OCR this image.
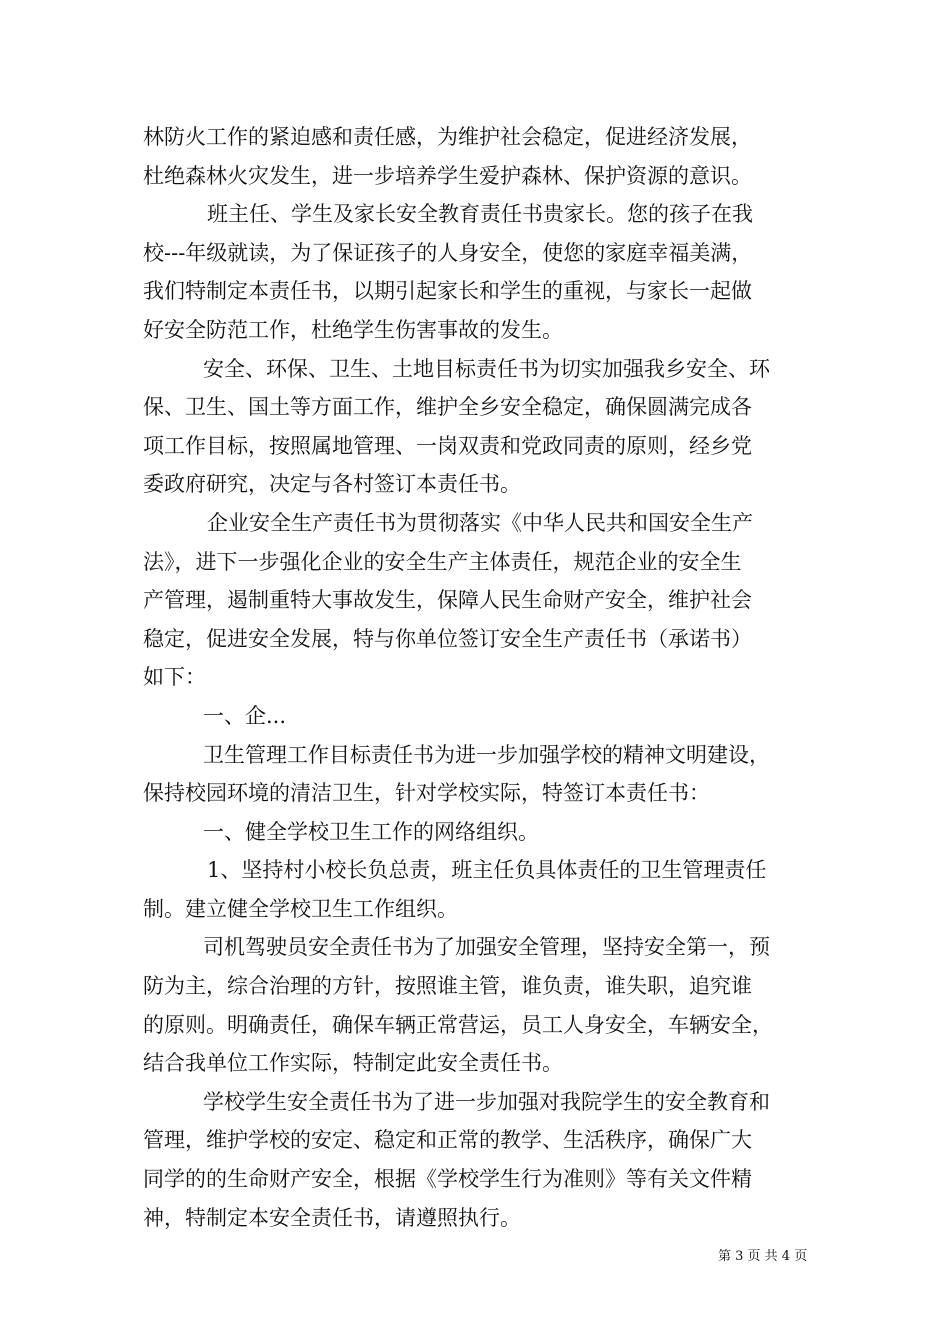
林防火工作的紧迫感和责任感，为维护社会稳定，促进经济发展，
杜绝森林火灾发生，进一步培养学生爱护森林、保护资源的意识。
班主任、学生及家长安全教育责任书贵家长。您的孩子在我
校---年级就读，为了保证孩子的人身安全，使您的家庭幸福美满，
我们特制定本责任书，以期引起家长和学生的重视，与家长一起做
好安全防范工作，杜绝学生伤害事故的发生。
安全、环保、卫生、土地目标责任书为切实加强我乡安全、环
保、卫生、国土等方面工作，维护全乡安全稳定，确保圆满完成各
项工作目标，按照属地管理、一岗双责和党政同责的原则，经乡党
委政府研究，决定与各村签订本责任书。
企业安全生产责任书为贯彻落实《中华人民共和国安全生产
法》，进下一步强化企业的安全生产主体责任，规范企业的安全生
产管理，遏制重特大事故发生，保障人民生命财产安全，维护社会
稳定，促进安全发展，特与你单位签订安全生产责任书（承诺书）
如下：
一、企...
卫生管理工作目标责任书为进一步加强学校的精神文明建设，
保持校园环境的清洁卫生，针对学校实际，特签订本责任书：
一、健全学校卫生工作的网络组织。
1、坚持村小校长负总责，班主任负具体责任的卫生管理责任
制。建立健全学校卫生工作组织。
司机驾驶员安全责任书为了加强安全管理，坚持安全第一，预
防为主，综合治理的方针，按照谁主管，谁负责，谁失职，追究谁
的原则。明确责任，确保车辆正常营运，员工人身安全，车辆安全，
结合我单位工作实际，特制定此安全责任书。
学校学生安全责任书为了进一步加强对我院学生的安全教育和
管理，维护学校的安定、稳定和正常的教学、生活秩序，确保广大
同学的的生命财产安全，根据《学校学生行为准则》等有关文件精
神，特制定本安全责任书，请遵照执行。
第 3 页 共 4 页
